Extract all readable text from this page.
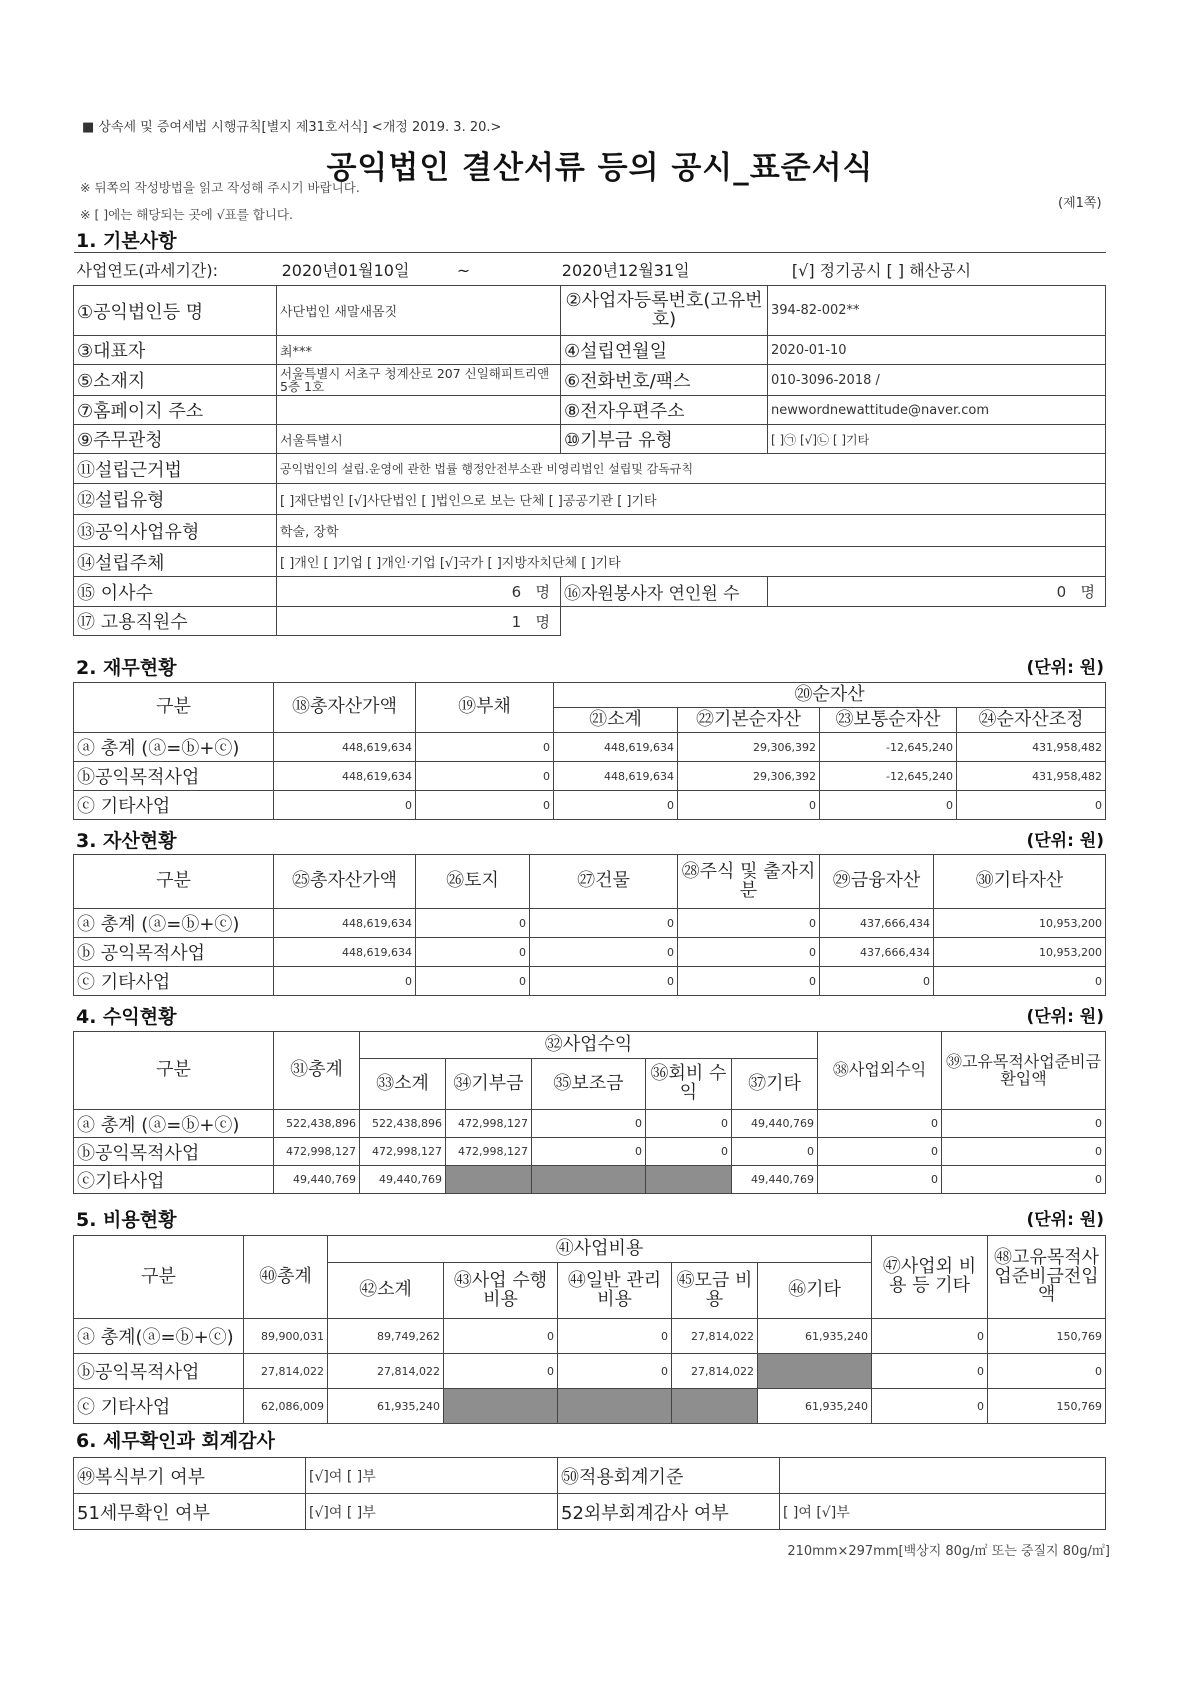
■ 상속세 및 증여세법 시행규칙[별지 제31호서식] <개정 2019. 3. 20.>
공익법인 결산서류 등의 공시_표준서식
※ 뒤쪽의 작성방법을 읽고 작성해 주시기 바랍니다.
※ [ ]에는 해당되는 곳에 √표를 합니다.
(제1쪽)
1. 기본사항
사업연도(과세기간): 2020년01월10일 ~ 2020년12월31일 [√] 정기공시 [ ] 해산공시			
①공익법인등 명	사단법인 새말새몸짓	②사업자등록번호(고유번호)	394-82-002**
③대표자	최***	④설립연월일	2020-01-10
⑤소재지	서울특별시 서초구 청계산로 207 신일해피트리앤 5층 1호	⑥전화번호/팩스	010-3096-2018 /
⑦홈페이지 주소		⑧전자우편주소	newwordnewattitude@naver.com
⑨주무관청	서울특별시	⑩기부금 유형	[ ]㉠ [√]㉡ [ ]기타
⑪설립근거법	공익법인의 설립.운영에 관한 법률 행정안전부소관 비영리법인 설립및 감독규칙		
⑫설립유형	[ ]재단법인 [√]사단법인 [ ]법인으로 보는 단체 [ ]공공기관 [ ]기타		
⑬공익사업유형	학술, 장학		
⑭설립주체	[ ]개인 [ ]기업 [ ]개인·기업 [√]국가 [ ]지방자치단체 [ ]기타		
⑮ 이사수	6 명	⑯자원봉사자 연인원 수	0 명
⑰ 고용직원수	1 명		
2. 재무현황	(단위: 원)
구분	⑱총자산가액	⑲부채	⑳순자산			
			㉑소계	㉒기본순자산	㉓보통순자산	㉔순자산조정
ⓐ 총계 (ⓐ=ⓑ+ⓒ)	448,619,634	0	448,619,634	29,306,392	-12,645,240	431,958,482
ⓑ공익목적사업	448,619,634	0	448,619,634	29,306,392	-12,645,240	431,958,482
ⓒ 기타사업	0	0	0	0	0	0
3. 자산현황	(단위: 원)
구분	㉕총자산가액	㉖토지	㉗건물	㉘주식 및 출자지분	㉙금융자산	㉚기타자산
ⓐ 총계 (ⓐ=ⓑ+ⓒ)	448,619,634	0	0	0	437,666,434	10,953,200
ⓑ 공익목적사업	448,619,634	0	0	0	437,666,434	10,953,200
ⓒ 기타사업	0	0	0	0	0	0
4. 수익현황	(단위: 원)
구분	㉛총계	㉜사업수익					㊳사업외수익	㊴고유목적사업준비금 환입액
		㉝소계	㉞기부금	㉟보조금	㊱회비 수익	㊲기타		
ⓐ 총계 (ⓐ=ⓑ+ⓒ)	522,438,896	522,438,896	472,998,127	0	0	49,440,769	0	0
ⓑ공익목적사업	472,998,127	472,998,127	472,998,127	0	0	0	0	0
ⓒ기타사업	49,440,769	49,440,769				49,440,769	0	0
5. 비용현황	(단위: 원)
구분	㊵총계	㊶사업비용					㊼사업외 비용 등 기타	㊽고유목적사업준비금전입액
		㊷소계	㊸사업 수행비용	㊹일반 관리비용	㊺모금 비용	㊻기타		
ⓐ 총계(ⓐ=ⓑ+ⓒ)	89,900,031	89,749,262	0	0	27,814,022	61,935,240	0	150,769
ⓑ공익목적사업	27,814,022	27,814,022	0	0	27,814,022		0	0
ⓒ 기타사업	62,086,009	61,935,240				61,935,240	0	150,769
6. 세무확인과 회계감사
㊾복식부기 여부	[√]여 [ ]부	㊿적용회계기준	
51세무확인 여부	[√]여 [ ]부	52외부회계감사 여부	[ ]여 [√]부
210mm×297mm[백상지 80g/㎡ 또는 중질지 80g/㎡]
